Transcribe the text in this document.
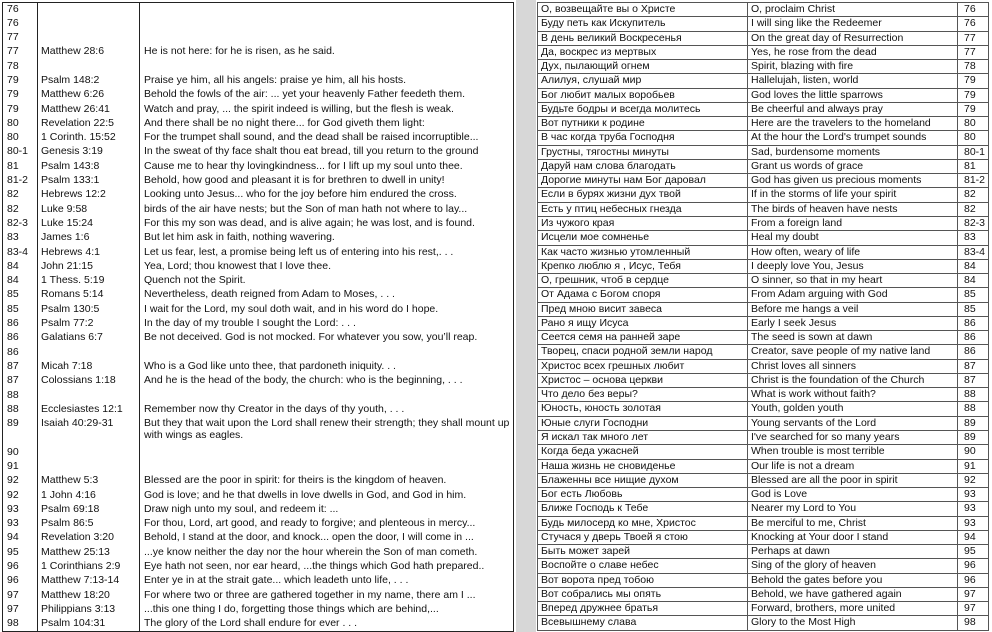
76		
76		
77		
77	Matthew 28:6	He is not here: for he is risen, as he said.
78		
79	Psalm 148:2	Praise ye him, all his angels: praise ye him, all his hosts.
79	Matthew 6:26	Behold the fowls of the air: ... yet your heavenly Father feedeth them.
79	Matthew 26:41	Watch and pray, ... the spirit indeed is willing, but the flesh is weak.
80	Revelation 22:5	And there shall be no night there... for God giveth them light:
80	1 Corinth. 15:52	For the trumpet shall sound, and the dead shall be raised incorruptible...
80-1	Genesis 3:19	In the sweat of thy face shalt thou eat bread, till you return to the ground
81	Psalm 143:8	Cause me to hear thy lovingkindness... for I lift up my soul unto thee.
81-2	Psalm 133:1	Behold, how good and pleasant it is for brethren to dwell in unity!
82	Hebrews 12:2	Looking unto Jesus... who for the joy before him endured the cross.
82	Luke 9:58	birds of the air have nests; but the Son of man hath not where to lay...
82-3	Luke 15:24	For this my son was dead, and is alive again; he was lost, and is found.
83	James 1:6	But let him ask in faith, nothing wavering.
83-4	Hebrews 4:1	Let us fear, lest, a promise being left us of entering into his rest,. . .
84	John 21:15	Yea, Lord; thou knowest that I love thee.
84	1 Thess. 5:19	Quench not the Spirit.
85	Romans 5:14	Nevertheless, death reigned from Adam to Moses, . . .
85	Psalm 130:5	I wait for the Lord, my soul doth wait, and in his word do I hope.
86	Psalm 77:2	In the day of my trouble I sought the Lord: . . .
86	Galatians 6:7	Be not deceived. God is not mocked. For whatever you sow, you’ll reap.
86		
87	Micah 7:18	Who is a God like unto thee, that pardoneth iniquity. . .
87	Colossians 1:18	And he is the head of the body, the church: who is the beginning, . . .
88		
88	Ecclesiastes 12:1	Remember now thy Creator in the days of thy youth, . . .
89	Isaiah 40:29-31	But they that wait upon the Lord shall renew their strength; they shall mount up with wings as eagles.
90		
91		
92	Matthew 5:3	Blessed are the poor in spirit: for theirs is the kingdom of heaven.
92	1 John 4:16	God is love; and he that dwells in love dwells in God, and God in him.
93	Psalm 69:18	Draw nigh unto my soul, and redeem it: ...
93	Psalm 86:5	For thou, Lord, art good, and ready to forgive; and plenteous in mercy...
94	Revelation 3:20	Behold, I stand at the door, and knock... open the door, I will come in ...
95	Matthew 25:13	...ye know neither the day nor the hour wherein the Son of man cometh.
96	1 Corinthians 2:9	Eye hath not seen, nor ear heard, ...the things which God hath prepared..
96	Matthew 7:13-14	Enter ye in at the strait gate... which leadeth unto life, . . .
97	Matthew 18:20	For where two or three are gathered together in my name, there am I ...
97	Philippians 3:13	...this one thing I do, forgetting those things which are behind,...
98	Psalm 104:31	The glory of the Lord shall endure for ever . . .
О, возвещайте вы о Христе	O, proclaim Christ	76
Буду петь как Искупитель	I will sing like the Redeemer	76
В день великий Воскресенья	On the great day of Resurrection	77
Да, воскрес из мертвых	Yes, he rose from the dead	77
Дух, пылающий огнем	Spirit, blazing with fire	78
Алилуя, слушай мир	Hallelujah, listen, world	79
Бог любит малых воробьев	God loves the little sparrows	79
Будьте бодры и всегда молитесь	Be cheerful and always pray	79
Вот путники к родине	Here are the travelers to the homeland	80
В час когда труба Господня	At the hour the Lord's trumpet sounds	80
Грустны, тягостны минуты	Sad, burdensome moments	80-1
Даруй нам слова благодать	Grant us words of grace	81
Дорогие минуты нам Бог даровал	God has given us precious moments	81-2
Если в бурях жизни дух твой	If in the storms of life your spirit	82
Есть у птиц небесных гнезда	The birds of heaven have nests	82
Из чужого края	From a foreign land	82-3
Исцели мое сомненье	Heal my doubt	83
Как часто жизнью утомленный	How often, weary of life	83-4
Крепко люблю я , Исус, Тебя	I deeply love You, Jesus	84
О, грешник, чтоб в сердце	O sinner, so that in my heart	84
От Адама с Богом споря	From Adam arguing with God	85
Пред мною висит завеса	Before me hangs a veil	85
Рано я ищу Исуса	Early I seek Jesus	86
Сеется семя на ранней заре	The seed is sown at dawn	86
Творец, спаси родной земли народ	Creator, save people of my native land	86
Христос всех грешных любит	Christ loves all sinners	87
Христос – основа церкви	Christ is the foundation of the Church	87
Что дело без веры?	What is work without faith?	88
Юность, юность золотая	Youth, golden youth	88
Юные слуги Господни	Young servants of the Lord	89
Я искал так много лет	I've searched for so many years	89
Когда беда ужасней	When trouble is most terrible	90
Наша жизнь не сновиденье	Our life is not a dream	91
Блаженны все нищие духом	Blessed are all the poor in spirit	92
Бог есть Любовь	God is Love	93
Ближе Господь к Тебе	Nearer my Lord to You	93
Будь милосерд ко мне, Христос	Be merciful to me, Christ	93
Стучася у дверь Твоей я стою	Knocking at Your door I stand	94
Быть может зарей	Perhaps at dawn	95
Воспойте о славе небес	Sing of the glory of heaven	96
Вот ворота пред тобою	Behold the gates before you	96
Вот собрались мы опять	Behold, we have gathered again	97
Вперед дружнее братья	Forward, brothers, more united	97
Всевышнему слава	Glory to the Most High	98
